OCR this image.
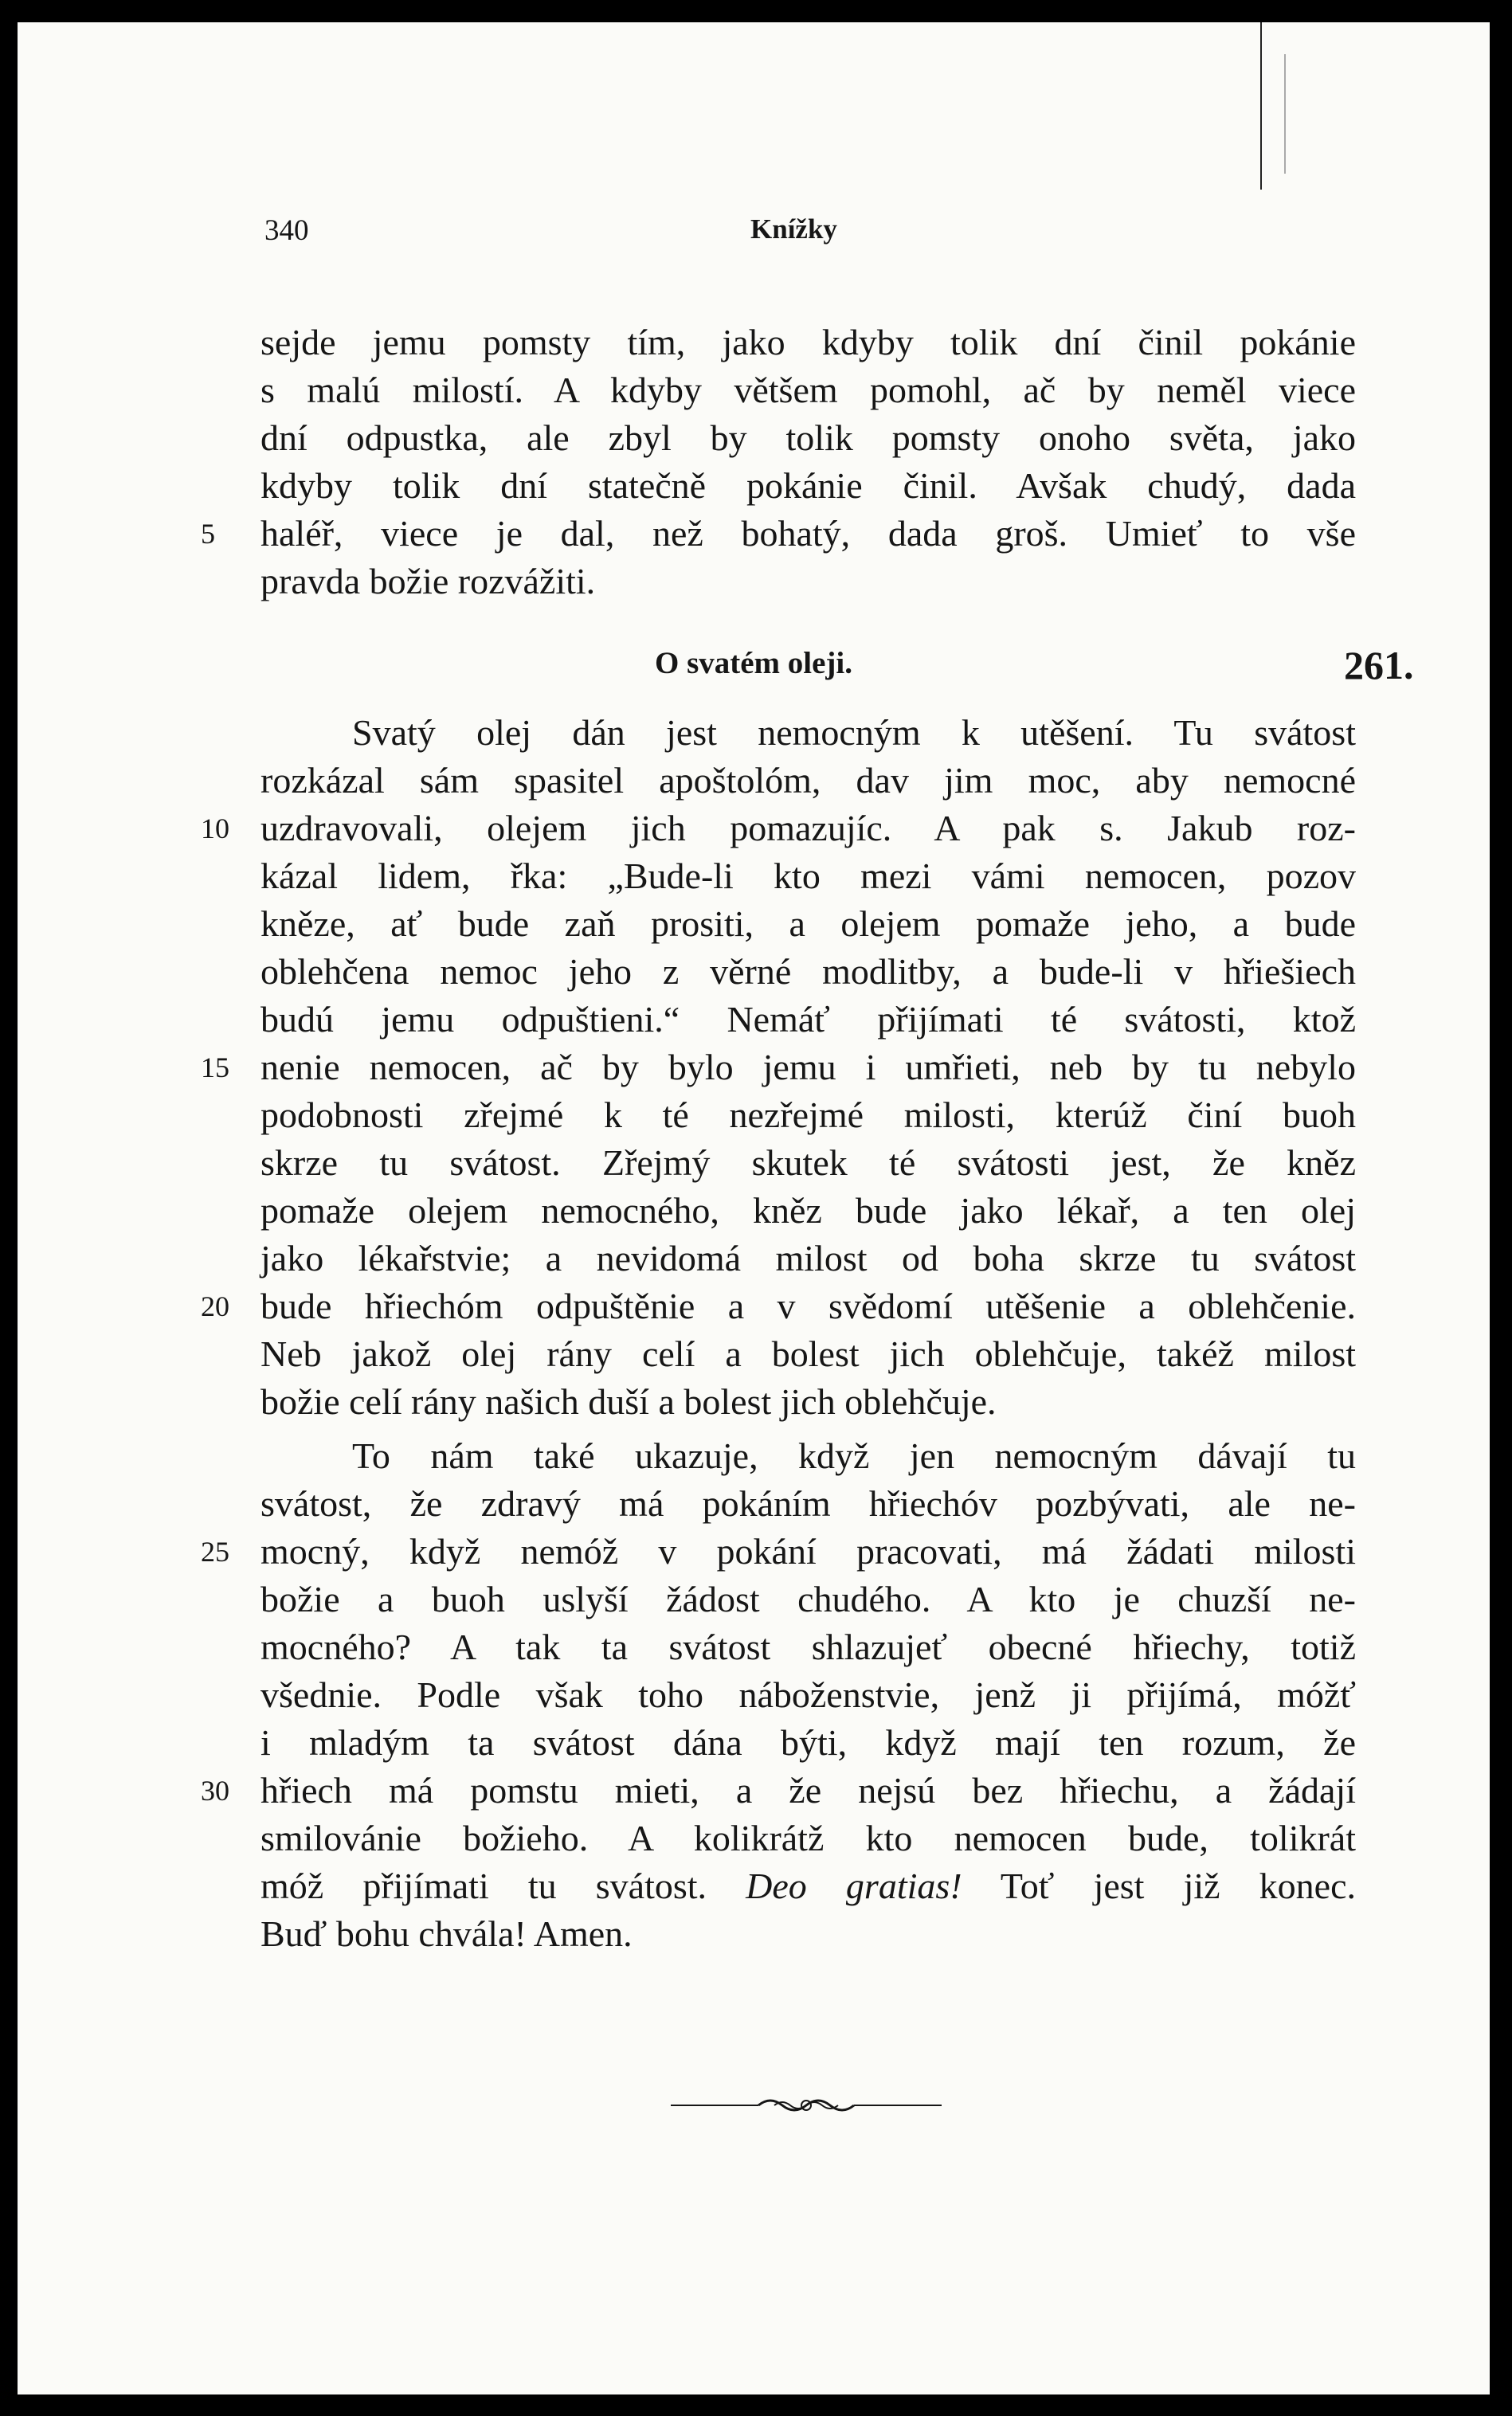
340	Knížky
sejde jemu pomsty tím, jako kdyby tolik dní činil pokánie
s malú milostí. A kdyby většem pomohl, ač by neměl viece
dní odpustka, ale zbyl by tolik pomsty onoho světa, jako
kdyby tolik dní statečně pokánie činil. Avšak chudý, dada
5 haléř, viece je dal, než bohatý, dada groš. Umieť to vše
pravda božie rozvážiti.
O svatém oleji.	261.
Svatý olej dán jest nemocným k utěšení. Tu svátost
rozkázal sám spasitel apoštolóm, dav jim moc, aby nemocné
10 uzdravovali, olejem jich pomazujíc. A pak s. Jakub roz-
kázal lidem, řka: „Bude-li kto mezi vámi nemocen, pozov
kněze, ať bude zaň prositi, a olejem pomaže jeho, a bude
oblehčena nemoc jeho z věrné modlitby, a bude-li v hřiešiech
budú jemu odpuštieni.“ Nemáť přijímati té svátosti, ktož
15 nenie nemocen, ač by bylo jemu i umřieti, neb by tu nebylo
podobnosti zřejmé k té nezřejmé milosti, kterúž činí buoh
skrze tu svátost. Zřejmý skutek té svátosti jest, že kněz
pomaže olejem nemocného, kněz bude jako lékař, a ten olej
jako lékařstvie; a nevidomá milost od boha skrze tu svátost
20 bude hřiechóm odpuštěnie a v svědomí utěšenie a oblehčenie.
Neb jakož olej rány celí a bolest jich oblehčuje, takéž milost
božie celí rány našich duší a bolest jich oblehčuje.
To nám také ukazuje, když jen nemocným dávají tu
svátost, že zdravý má pokáním hřiechóv pozbývati, ale ne-
25 mocný, když nemóž v pokání pracovati, má žádati milosti
božie a buoh uslyší žádost chudého. A kto je chuzší ne-
mocného? A tak ta svátost shlazujeť obecné hřiechy, totiž
všednie. Podle však toho náboženstvie, jenž ji přijímá, móžť
i mladým ta svátost dána býti, když mají ten rozum, že
30 hřiech má pomstu mieti, a že nejsú bez hřiechu, a žádají
smilovánie božieho. A kolikrátž kto nemocen bude, tolikrát
móž přijímati tu svátost. Deo gratias! Toť jest již konec.
Buď bohu chvála! Amen.
